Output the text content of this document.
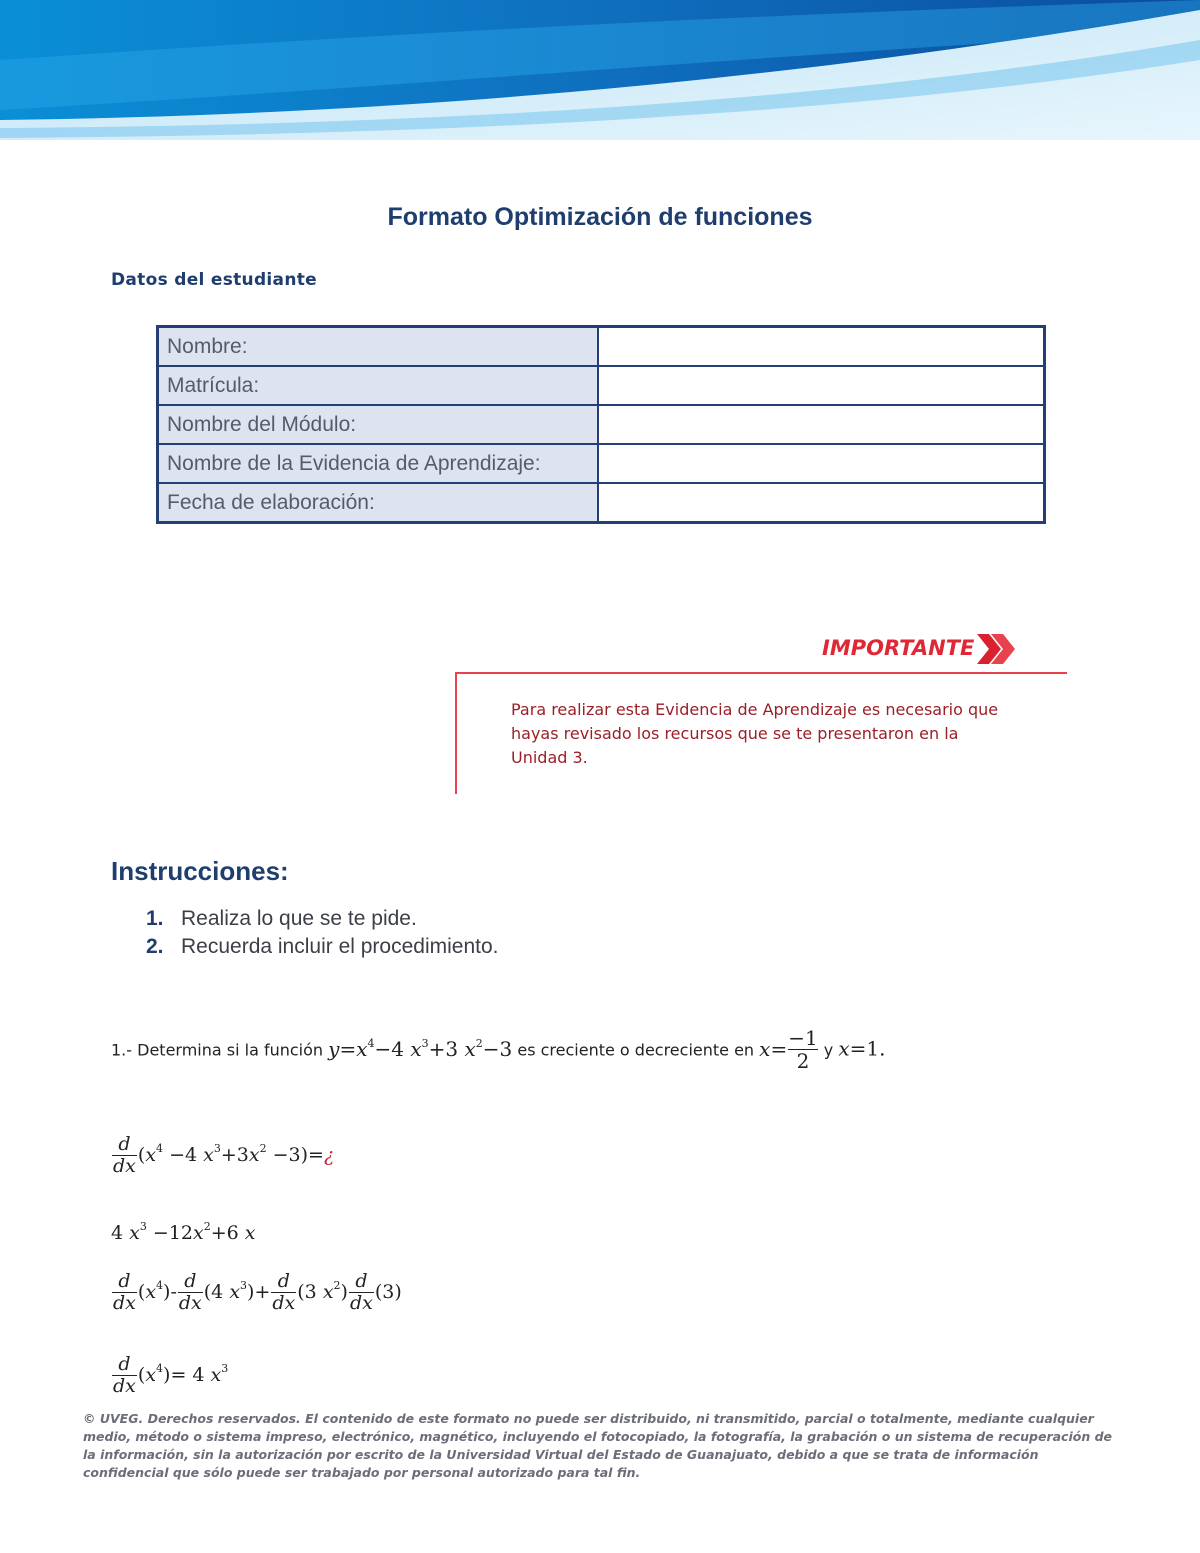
Formato Optimización de funciones
Datos del estudiante
Nombre:	
Matrícula:	
Nombre del Módulo:	
Nombre de la Evidencia de Aprendizaje:	
Fecha de elaboración:	
IMPORTANTE
Para realizar esta Evidencia de Aprendizaje es necesario que hayas revisado los recursos que se te presentaron en la Unidad 3.
Instrucciones:
1. Realiza lo que se te pide.
2. Recuerda incluir el procedimiento.
1.- Determina si la función $y=x^4-4$ $x^3+3$ $x^2-3$ es creciente o decreciente en $x= \frac{-1}{2}$ y x=1.
$\frac{d}{dx} (x^4 -4$ $x^3+3x^2$ −3)=¿
4 $x^3 -12x^2+6$ x
$\frac{d}{dx} (x^4)- \frac{d}{dx} (4$ $x^3)+ \frac{d}{dx} (3$ $x^2) \frac{d}{dx} (3)$
$\frac{d}{dx} (x^4)= 4$ $x^3$
© UVEG. Derechos reservados. El contenido de este formato no puede ser distribuido, ni transmitido, parcial o totalmente, mediante cualquier medio, método o sistema impreso, electrónico, magnético, incluyendo el fotocopiado, la fotografía, la grabación o un sistema de recuperación de la información, sin la autorización por escrito de la Universidad Virtual del Estado de Guanajuato, debido a que se trata de información confidencial que sólo puede ser trabajado por personal autorizado para tal fin.
